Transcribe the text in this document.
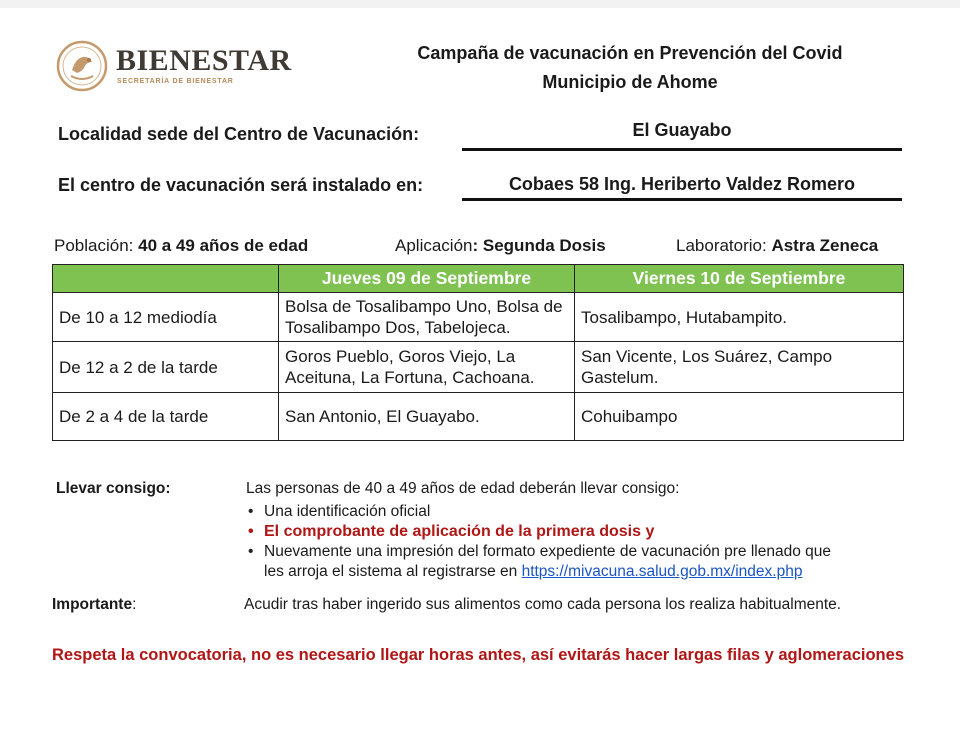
BIENESTAR
SECRETARÍA DE BIENESTAR
Campaña de vacunación en Prevención del Covid
Municipio de Ahome
Localidad sede del Centro de Vacunación:	El Guayabo
El centro de vacunación será instalado en:	Cobaes 58 Ing. Heriberto Valdez Romero
Población: 40 a 49 años de edad	Aplicación: Segunda Dosis	Laboratorio: Astra Zeneca
	Jueves 09 de Septiembre	Viernes 10 de Septiembre
De 10 a 12 mediodía	Bolsa de Tosalibampo Uno, Bolsa de Tosalibampo Dos, Tabelojeca.	Tosalibampo, Hutabampito.
De 12 a 2 de la tarde	Goros Pueblo, Goros Viejo, La Aceituna, La Fortuna, Cachoana.	San Vicente, Los Suárez, Campo Gastelum.
De 2 a 4 de la tarde	San Antonio, El Guayabo.	Cohuibampo
Llevar consigo:	Las personas de 40 a 49 años de edad deberán llevar consigo:
• Una identificación oficial
• El comprobante de aplicación de la primera dosis y
• Nuevamente una impresión del formato expediente de vacunación pre llenado que
les arroja el sistema al registrarse en https://mivacuna.salud.gob.mx/index.php
Importante:	Acudir tras haber ingerido sus alimentos como cada persona los realiza habitualmente.
Respeta la convocatoria, no es necesario llegar horas antes, así evitarás hacer largas filas y aglomeraciones
